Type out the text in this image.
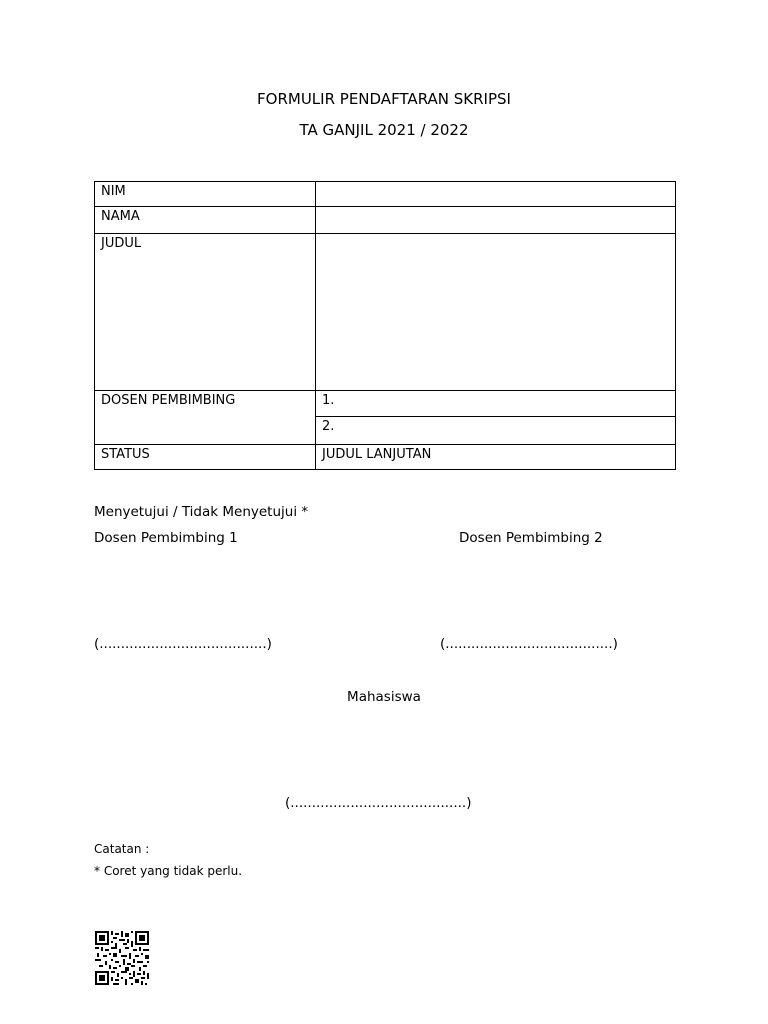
FORMULIR PENDAFTARAN SKRIPSI
TA GANJIL 2021 / 2022
NIM	
NAMA	
JUDUL	
DOSEN PEMBIMBING	1.
	2.
STATUS	JUDUL LANJUTAN
Menyetujui / Tidak Menyetujui *
Dosen Pembimbing 1	Dosen Pembimbing 2
(.......................................)	(.......................................)
Mahasiswa
(.........................................)
Catatan :
* Coret yang tidak perlu.
